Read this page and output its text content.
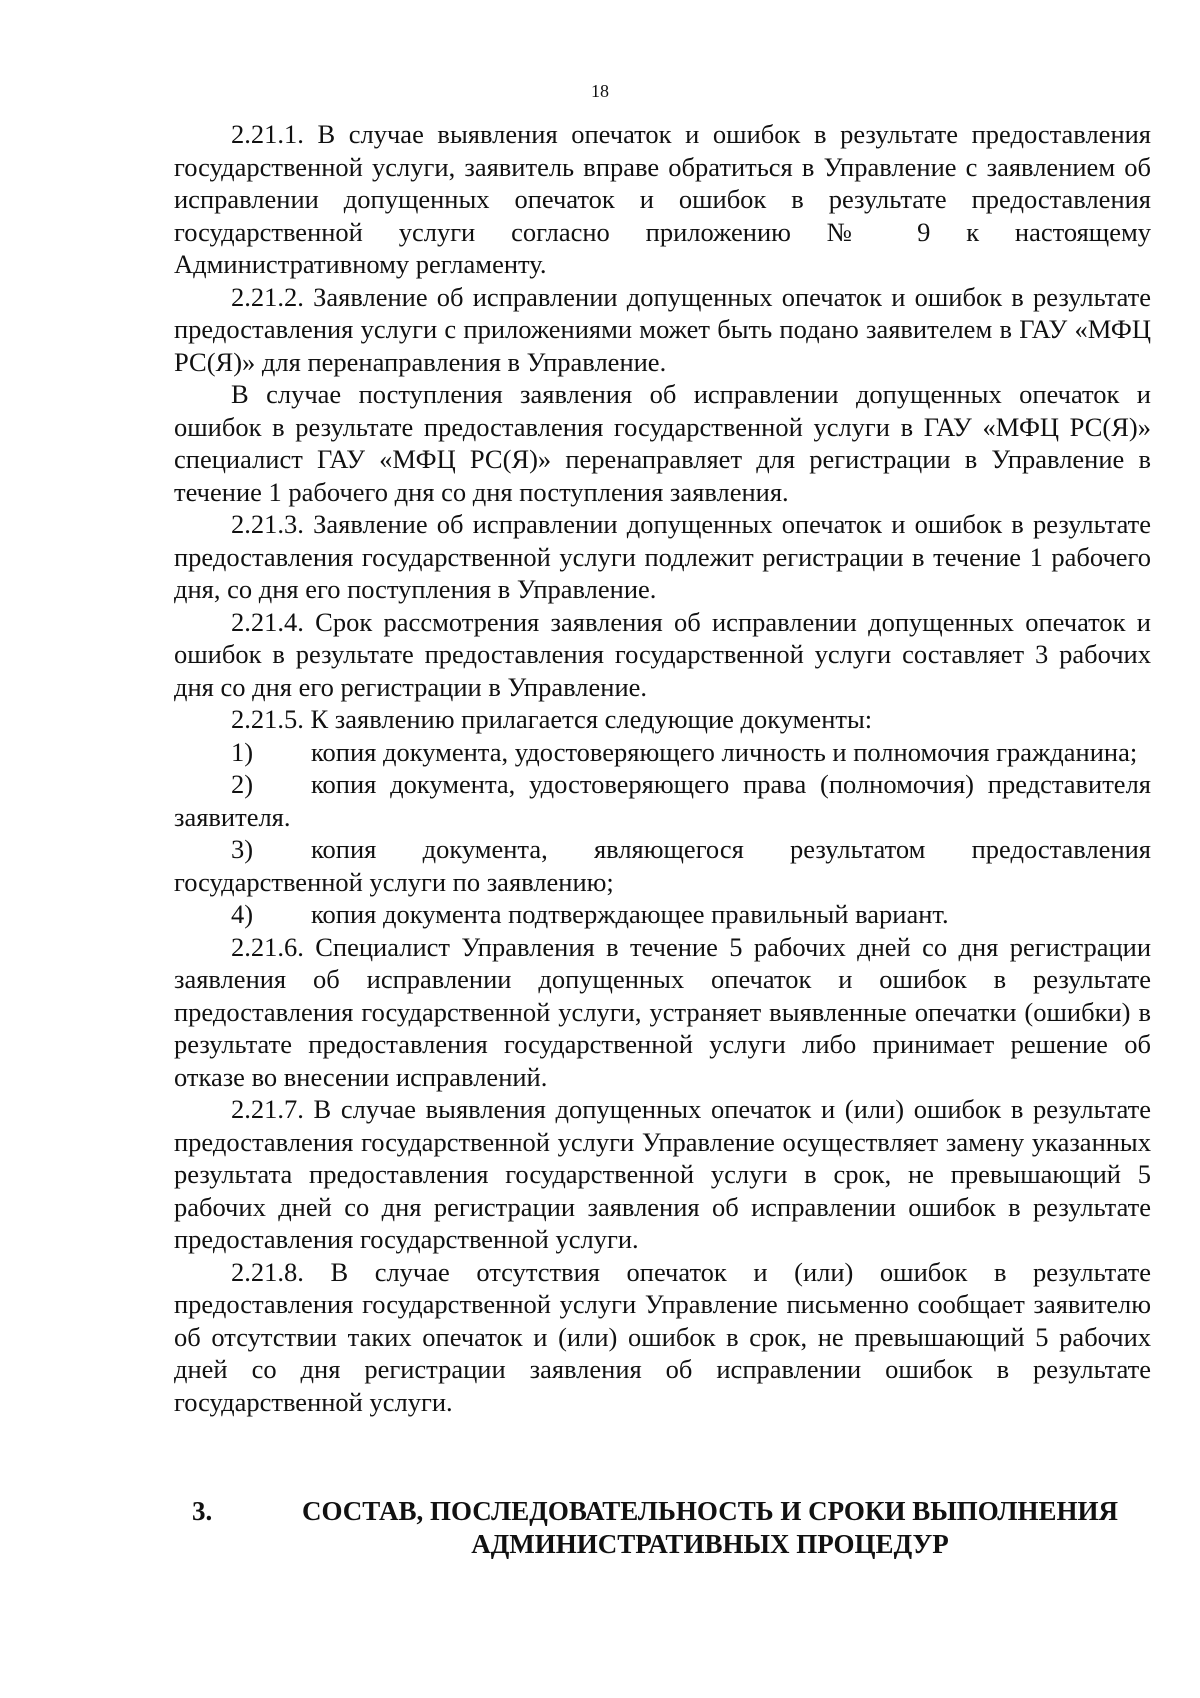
18

2.21.1. В случае выявления опечаток и ошибок в результате предоставления государственной услуги, заявитель вправе обратиться в Управление с заявлением об исправлении допущенных опечаток и ошибок в результате предоставления государственной услуги согласно приложению № 9 к настоящему Административному регламенту.

2.21.2. Заявление об исправлении допущенных опечаток и ошибок в результате предоставления услуги с приложениями может быть подано заявителем в ГАУ «МФЦ РС(Я)» для перенаправления в Управление.

В случае поступления заявления об исправлении допущенных опечаток и ошибок в результате предоставления государственной услуги в ГАУ «МФЦ РС(Я)» специалист ГАУ «МФЦ РС(Я)» перенаправляет для регистрации в Управление в течение 1 рабочего дня со дня поступления заявления.

2.21.3. Заявление об исправлении допущенных опечаток и ошибок в результате предоставления государственной услуги подлежит регистрации в течение 1 рабочего дня, со дня его поступления в Управление.

2.21.4. Срок рассмотрения заявления об исправлении допущенных опечаток и ошибок в результате предоставления государственной услуги составляет 3 рабочих дня со дня его регистрации в Управление.

2.21.5. К заявлению прилагается следующие документы:

1) копия документа, удостоверяющего личность и полномочия гражданина;

2) копия документа, удостоверяющего права (полномочия) представителя заявителя.

3) копия документа, являющегося результатом предоставления государственной услуги по заявлению;

4) копия документа подтверждающее правильный вариант.

2.21.6. Специалист Управления в течение 5 рабочих дней со дня регистрации заявления об исправлении допущенных опечаток и ошибок в результате предоставления государственной услуги, устраняет выявленные опечатки (ошибки) в результате предоставления государственной услуги либо принимает решение об отказе во внесении исправлений.

2.21.7. В случае выявления допущенных опечаток и (или) ошибок в результате предоставления государственной услуги Управление осуществляет замену указанных результата предоставления государственной услуги в срок, не превышающий 5 рабочих дней со дня регистрации заявления об исправлении ошибок в результате предоставления государственной услуги.

2.21.8. В случае отсутствия опечаток и (или) ошибок в результате предоставления государственной услуги Управление письменно сообщает заявителю об отсутствии таких опечаток и (или) ошибок в срок, не превышающий 5 рабочих дней со дня регистрации заявления об исправлении ошибок в результате государственной услуги.

3.	СОСТАВ, ПОСЛЕДОВАТЕЛЬНОСТЬ И СРОКИ ВЫПОЛНЕНИЯ АДМИНИСТРАТИВНЫХ ПРОЦЕДУР
